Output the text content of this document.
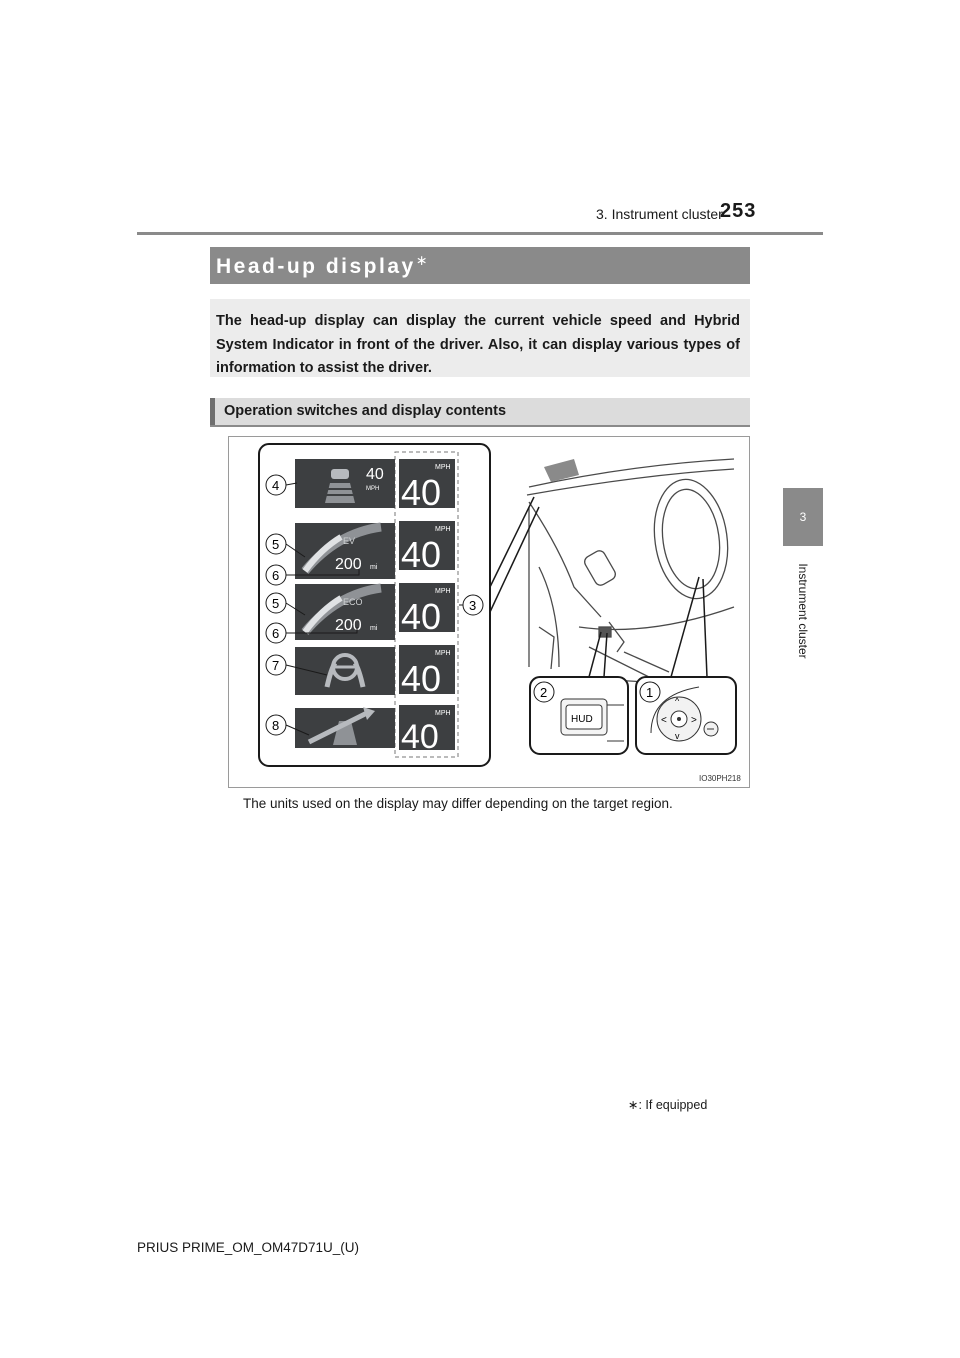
3. Instrument cluster
253
3
Instrument cluster
Head-up display∗

The head-up display can display the current vehicle speed and Hybrid System Indicator in front of the driver. Also, it can display various types of information to assist the driver.

Operation switches and display contents
40
MPH
EV
200 mi
ECO
200 mi
MPH
40
MPH
40
MPH
40
MPH
40
MPH
40
4
5
6
5
6
7
8
3
HUD
2
^
< >
v
1
IO30PH218
The units used on the display may differ depending on the target region.
∗: If equipped
PRIUS PRIME_OM_OM47D71U_(U)
